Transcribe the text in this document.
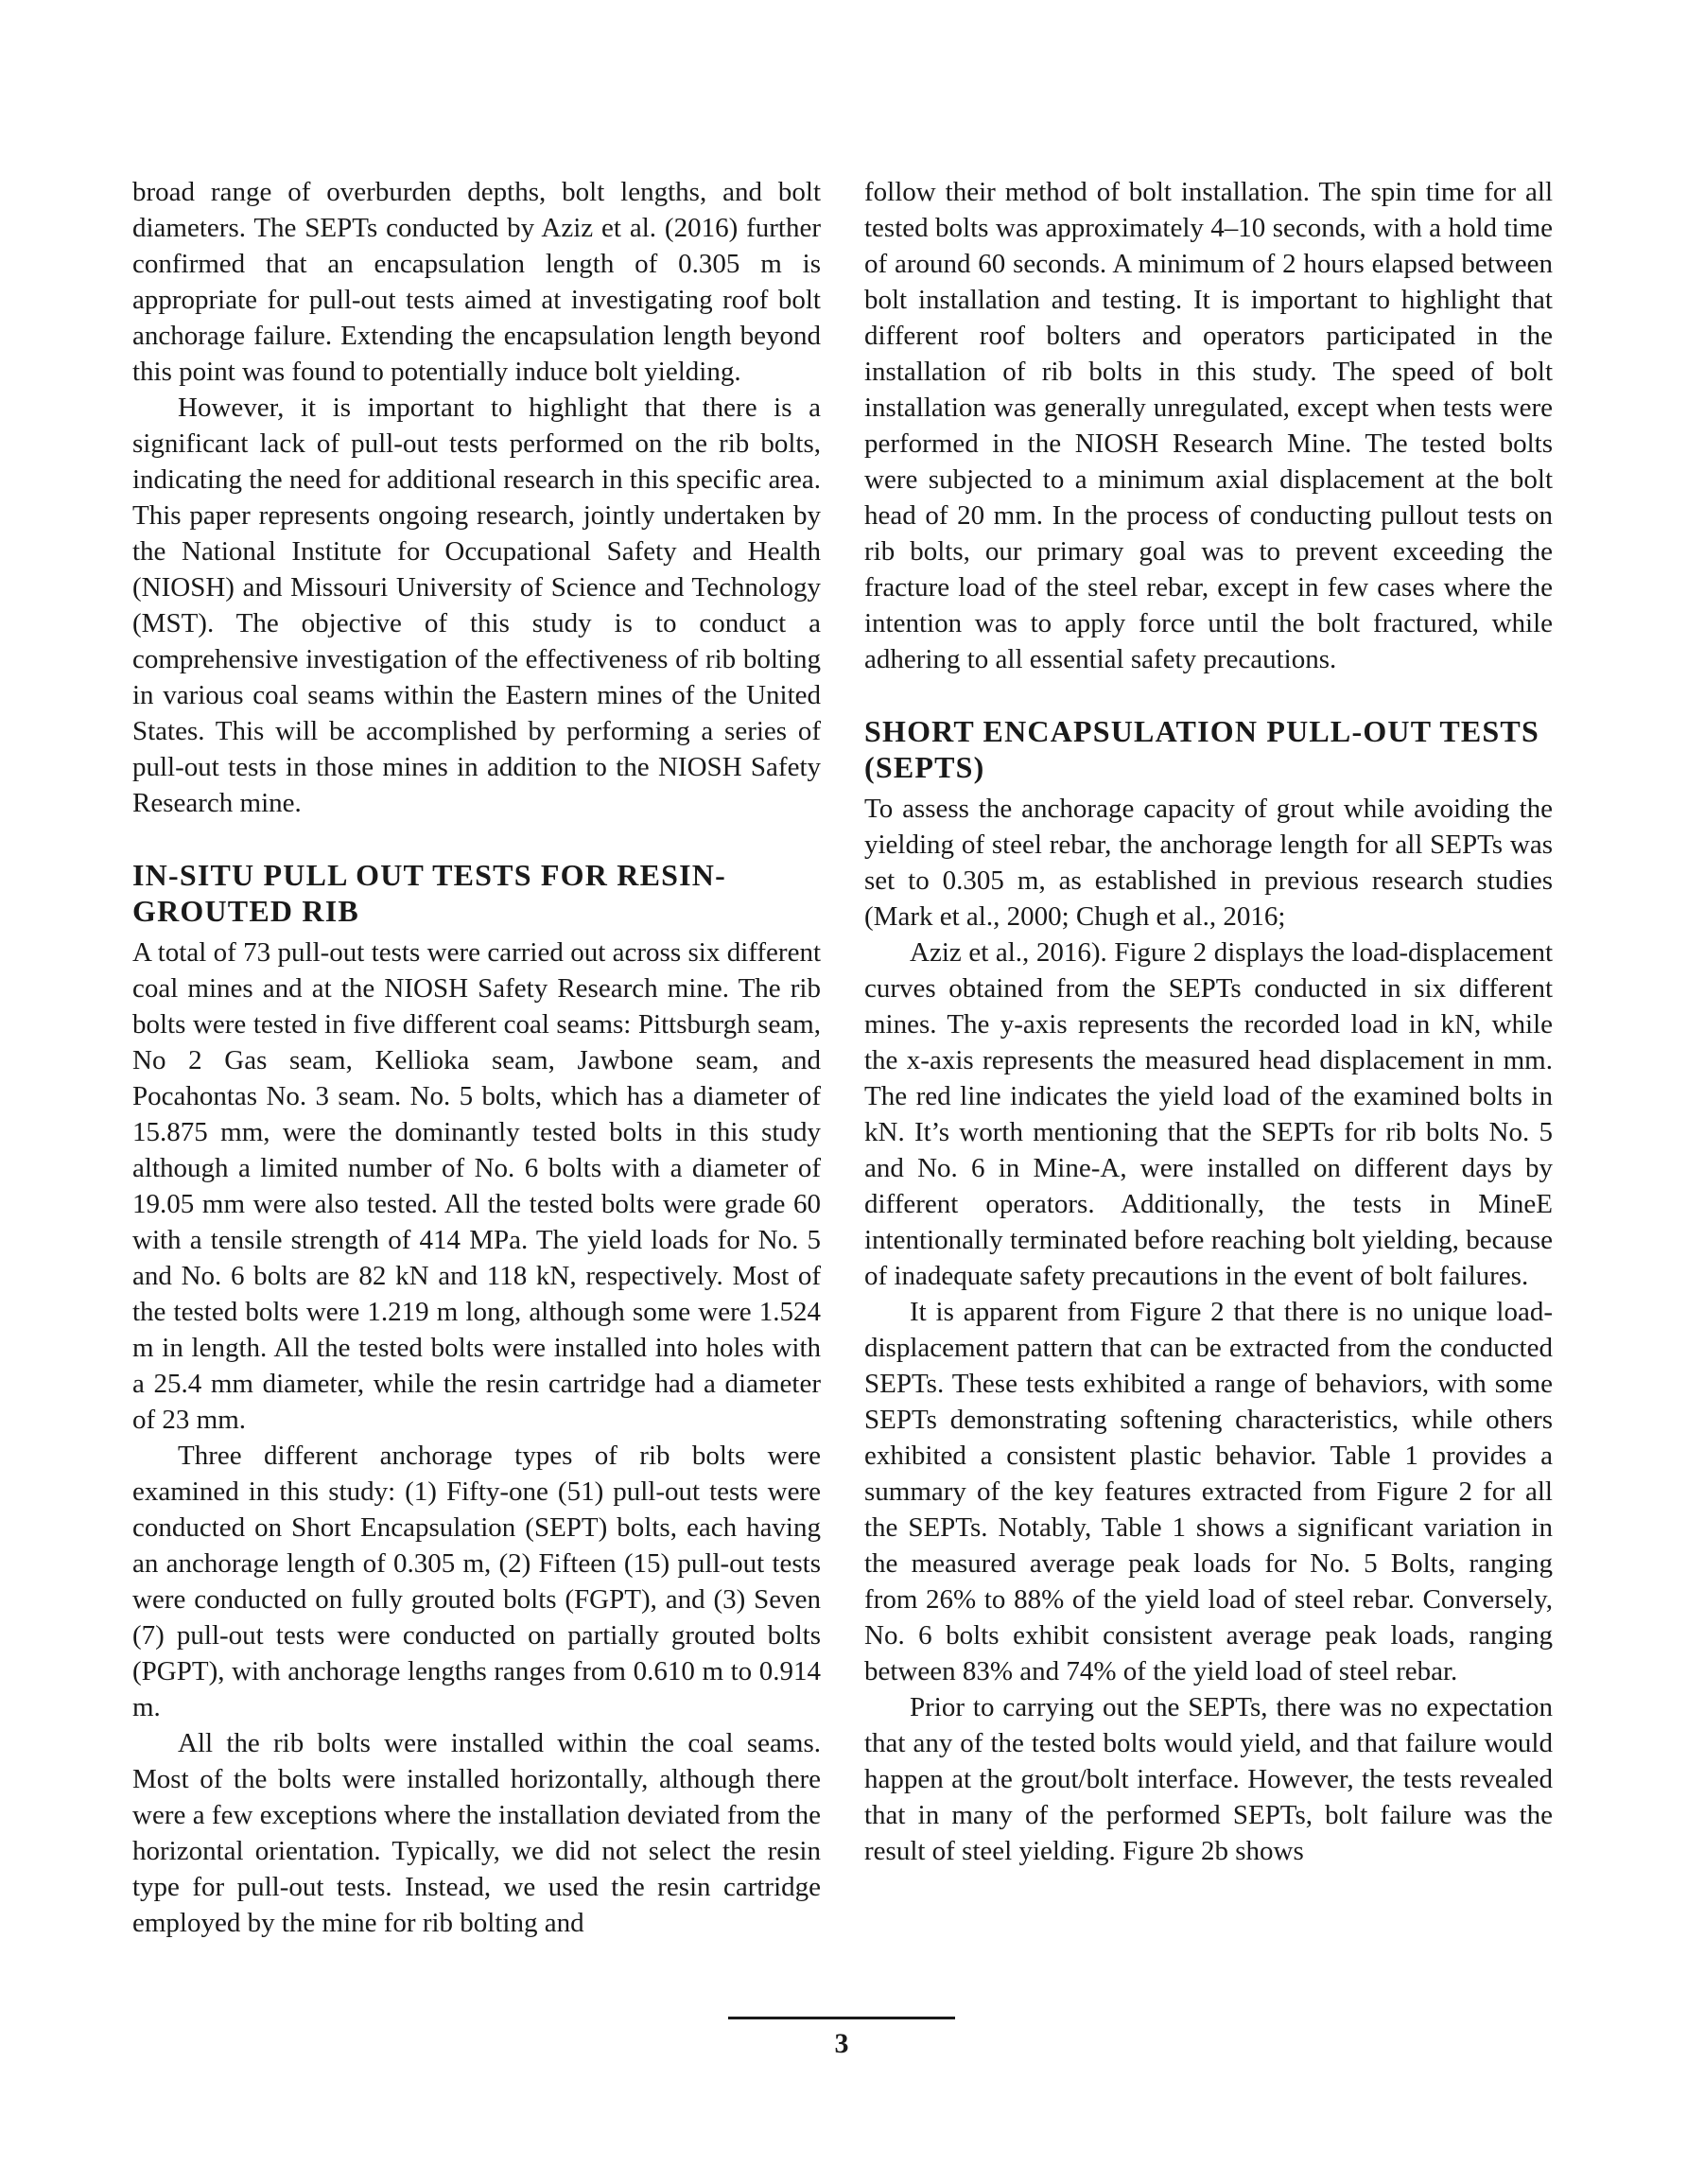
broad range of overburden depths, bolt lengths, and bolt diameters. The SEPTs conducted by Aziz et al. (2016) further confirmed that an encapsulation length of 0.305 m is appropriate for pull-out tests aimed at investigating roof bolt anchorage failure. Extending the encapsulation length beyond this point was found to potentially induce bolt yielding.

However, it is important to highlight that there is a significant lack of pull-out tests performed on the rib bolts, indicating the need for additional research in this specific area. This paper represents ongoing research, jointly undertaken by the National Institute for Occupational Safety and Health (NIOSH) and Missouri University of Science and Technology (MST). The objective of this study is to conduct a comprehensive investigation of the effectiveness of rib bolting in various coal seams within the Eastern mines of the United States. This will be accomplished by performing a series of pull-out tests in those mines in addition to the NIOSH Safety Research mine.

IN-SITU PULL OUT TESTS FOR RESIN-GROUTED RIB

A total of 73 pull-out tests were carried out across six different coal mines and at the NIOSH Safety Research mine. The rib bolts were tested in five different coal seams: Pittsburgh seam, No 2 Gas seam, Kellioka seam, Jawbone seam, and Pocahontas No. 3 seam. No. 5 bolts, which has a diameter of 15.875 mm, were the dominantly tested bolts in this study although a limited number of No. 6 bolts with a diameter of 19.05 mm were also tested. All the tested bolts were grade 60 with a tensile strength of 414 MPa. The yield loads for No. 5 and No. 6 bolts are 82 kN and 118 kN, respectively. Most of the tested bolts were 1.219 m long, although some were 1.524 m in length. All the tested bolts were installed into holes with a 25.4 mm diameter, while the resin cartridge had a diameter of 23 mm.

Three different anchorage types of rib bolts were examined in this study: (1) Fifty-one (51) pull-out tests were conducted on Short Encapsulation (SEPT) bolts, each having an anchorage length of 0.305 m, (2) Fifteen (15) pull-out tests were conducted on fully grouted bolts (FGPT), and (3) Seven (7) pull-out tests were conducted on partially grouted bolts (PGPT), with anchorage lengths ranges from 0.610 m to 0.914 m.

All the rib bolts were installed within the coal seams. Most of the bolts were installed horizontally, although there were a few exceptions where the installation deviated from the horizontal orientation. Typically, we did not select the resin type for pull-out tests. Instead, we used the resin cartridge employed by the mine for rib bolting and

follow their method of bolt installation. The spin time for all tested bolts was approximately 4–10 seconds, with a hold time of around 60 seconds. A minimum of 2 hours elapsed between bolt installation and testing. It is important to highlight that different roof bolters and operators participated in the installation of rib bolts in this study. The speed of bolt installation was generally unregulated, except when tests were performed in the NIOSH Research Mine. The tested bolts were subjected to a minimum axial displacement at the bolt head of 20 mm. In the process of conducting pullout tests on rib bolts, our primary goal was to prevent exceeding the fracture load of the steel rebar, except in few cases where the intention was to apply force until the bolt fractured, while adhering to all essential safety precautions.

SHORT ENCAPSULATION PULL-OUT TESTS (SEPTS)

To assess the anchorage capacity of grout while avoiding the yielding of steel rebar, the anchorage length for all SEPTs was set to 0.305 m, as established in previous research studies (Mark et al., 2000; Chugh et al., 2016;

Aziz et al., 2016). Figure 2 displays the load-displacement curves obtained from the SEPTs conducted in six different mines. The y-axis represents the recorded load in kN, while the x-axis represents the measured head displacement in mm. The red line indicates the yield load of the examined bolts in kN. It’s worth mentioning that the SEPTs for rib bolts No. 5 and No. 6 in Mine-A, were installed on different days by different operators. Additionally, the tests in MineE intentionally terminated before reaching bolt yielding, because of inadequate safety precautions in the event of bolt failures.

It is apparent from Figure 2 that there is no unique load-displacement pattern that can be extracted from the conducted SEPTs. These tests exhibited a range of behaviors, with some SEPTs demonstrating softening characteristics, while others exhibited a consistent plastic behavior. Table 1 provides a summary of the key features extracted from Figure 2 for all the SEPTs. Notably, Table 1 shows a significant variation in the measured average peak loads for No. 5 Bolts, ranging from 26% to 88% of the yield load of steel rebar. Conversely, No. 6 bolts exhibit consistent average peak loads, ranging between 83% and 74% of the yield load of steel rebar.

Prior to carrying out the SEPTs, there was no expectation that any of the tested bolts would yield, and that failure would happen at the grout/bolt interface. However, the tests revealed that in many of the performed SEPTs, bolt failure was the result of steel yielding. Figure 2b shows

3
